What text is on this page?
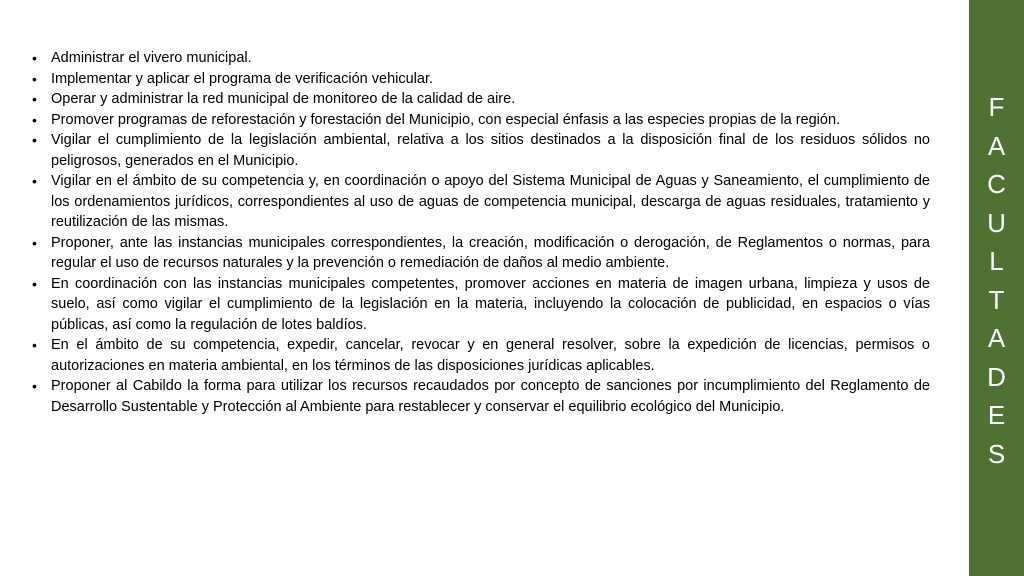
• Administrar el vivero municipal.
• Implementar y aplicar el programa de verificación vehicular.
• Operar y administrar la red municipal de monitoreo de la calidad de aire.
• Promover programas de reforestación y forestación del Municipio, con especial énfasis a las especies propias de la región.
• Vigilar el cumplimiento de la legislación ambiental, relativa a los sitios destinados a la disposición final de los residuos sólidos no peligrosos, generados en el Municipio.
• Vigilar en el ámbito de su competencia y, en coordinación o apoyo del Sistema Municipal de Aguas y Saneamiento, el cumplimiento de los ordenamientos jurídicos, correspondientes al uso de aguas de competencia municipal, descarga de aguas residuales, tratamiento y reutilización de las mismas.
• Proponer, ante las instancias municipales correspondientes, la creación, modificación o derogación, de Reglamentos o normas, para regular el uso de recursos naturales y la prevención o remediación de daños al medio ambiente.
• En coordinación con las instancias municipales competentes, promover acciones en materia de imagen urbana, limpieza y usos de suelo, así como vigilar el cumplimiento de la legislación en la materia, incluyendo la colocación de publicidad, en espacios o vías públicas, así como la regulación de lotes baldíos.
• En el ámbito de su competencia, expedir, cancelar, revocar y en general resolver, sobre la expedición de licencias, permisos o autorizaciones en materia ambiental, en los términos de las disposiciones jurídicas aplicables.
• Proponer al Cabildo la forma para utilizar los recursos recaudados por concepto de sanciones por incumplimiento del Reglamento de Desarrollo Sustentable y Protección al Ambiente para restablecer y conservar el equilibrio ecológico del Municipio.
F
A
C
U
L
T
A
D
E
S
